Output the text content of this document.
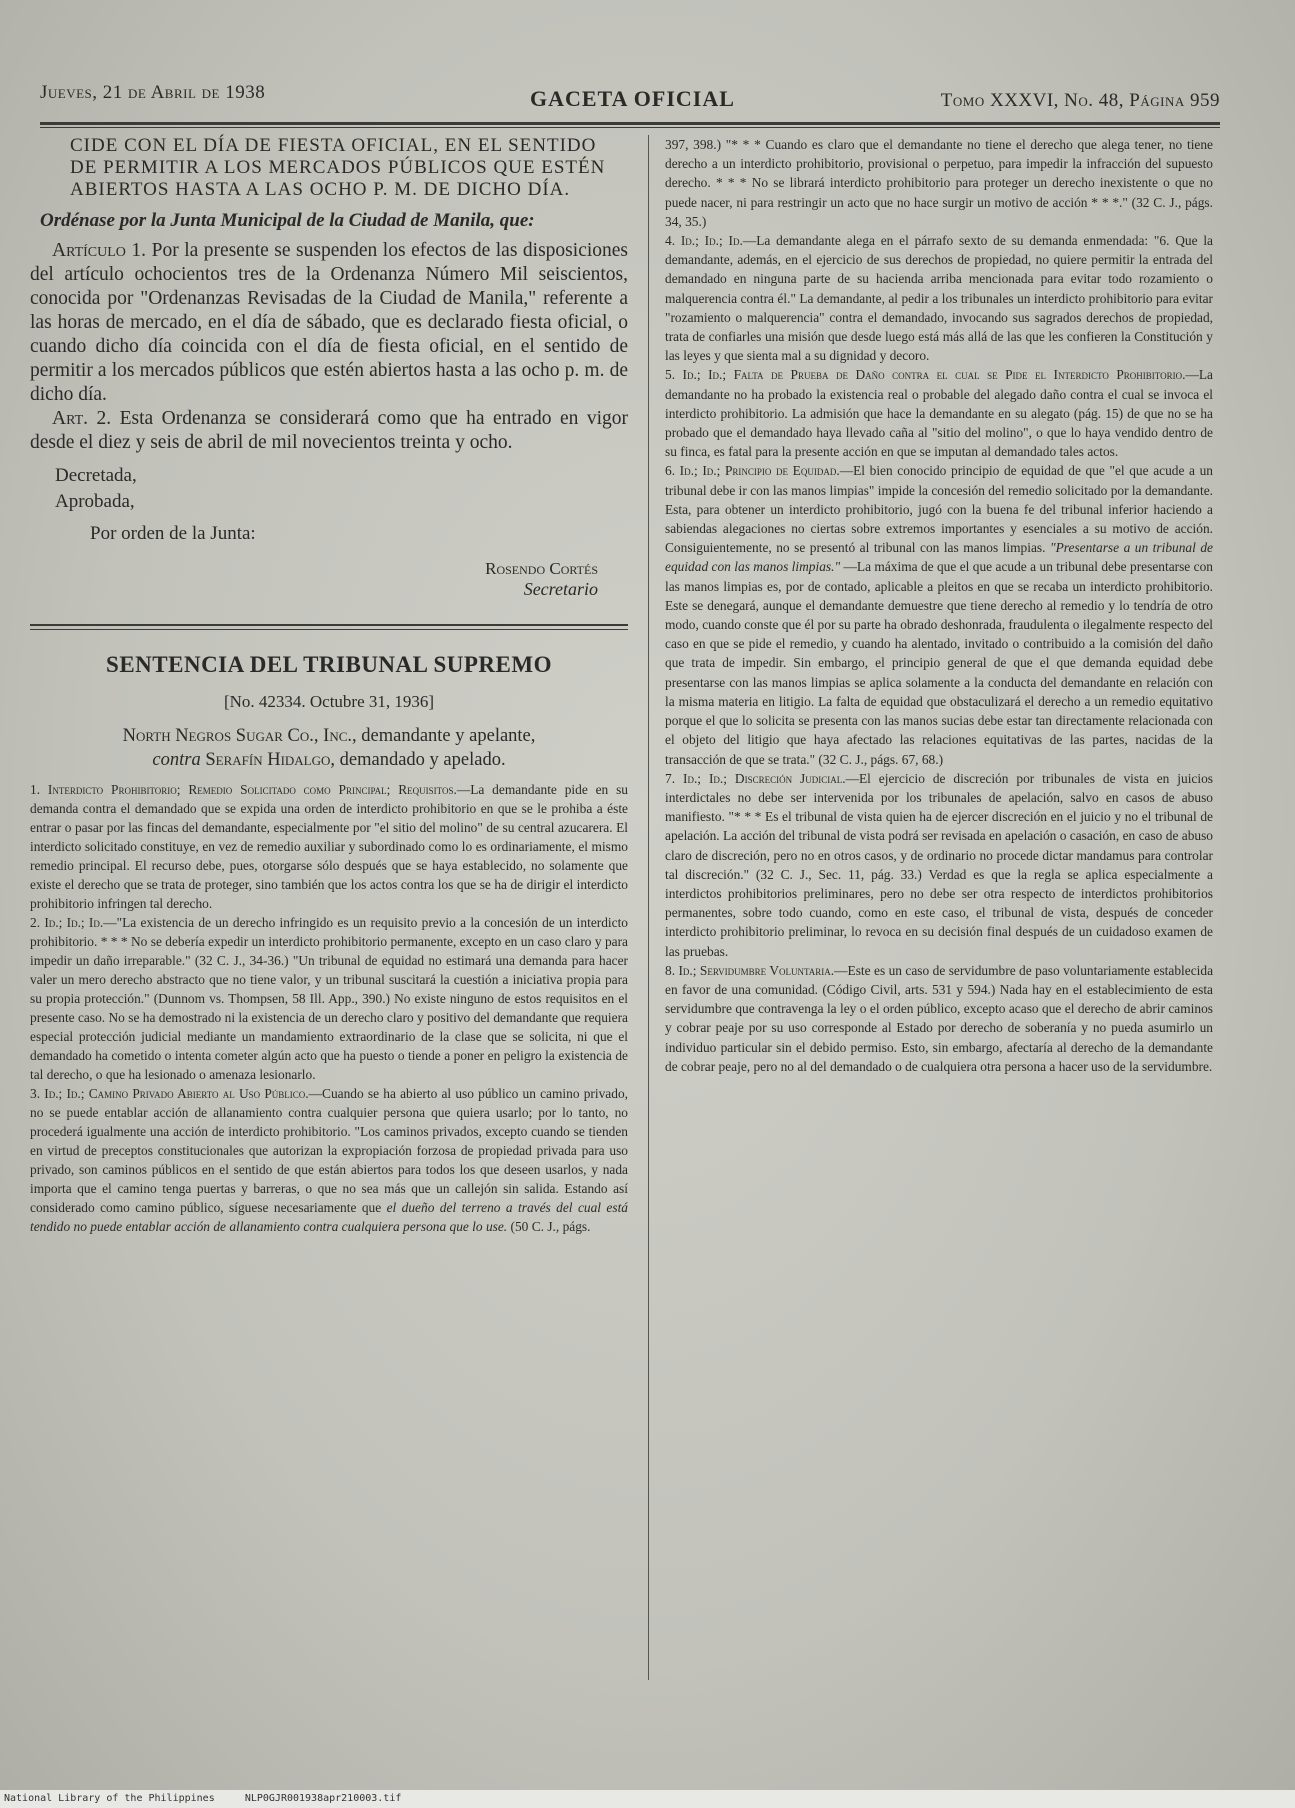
Jueves, 21 de Abril de 1938	GACETA OFICIAL	Tomo XXXVI, No. 48, Página 959

CIDE CON EL DÍA DE FIESTA OFICIAL, EN EL SENTIDO DE PERMITIR A LOS MERCADOS PÚBLICOS QUE ESTÉN ABIERTOS HASTA A LAS OCHO P. M. DE DICHO DÍA.

Ordénase por la Junta Municipal de la Ciudad de Manila, que:

Artículo 1. Por la presente se suspenden los efectos de las disposiciones del artículo ochocientos tres de la Ordenanza Número Mil seiscientos, conocida por "Ordenanzas Revisadas de la Ciudad de Manila," referente a las horas de mercado, en el día de sábado, que es declarado fiesta oficial, o cuando dicho día coincida con el día de fiesta oficial, en el sentido de permitir a los mercados públicos que estén abiertos hasta a las ocho p. m. de dicho día.

Art. 2. Esta Ordenanza se considerará como que ha entrado en vigor desde el diez y seis de abril de mil novecientos treinta y ocho.

Decretada,

Aprobada,

Por orden de la Junta:

Rosendo Cortés

Secretario

SENTENCIA DEL TRIBUNAL SUPREMO

[No. 42334. Octubre 31, 1936]

North Negros Sugar Co., Inc., demandante y apelante,
contra Serafín Hidalgo, demandado y apelado.

1. Interdicto Prohibitorio; Remedio Solicitado como Principal; Requisitos.—La demandante pide en su demanda contra el demandado que se expida una orden de interdicto prohibitorio en que se le prohiba a éste entrar o pasar por las fincas del demandante, especialmente por "el sitio del molino" de su central azucarera. El interdicto solicitado constituye, en vez de remedio auxiliar y subordinado como lo es ordinariamente, el mismo remedio principal. El recurso debe, pues, otorgarse sólo después que se haya establecido, no solamente que existe el derecho que se trata de proteger, sino también que los actos contra los que se ha de dirigir el interdicto prohibitorio infringen tal derecho.

2. Id.; Id.; Id.—"La existencia de un derecho infringido es un requisito previo a la concesión de un interdicto prohibitorio. * * * No se debería expedir un interdicto prohibitorio permanente, excepto en un caso claro y para impedir un daño irreparable." (32 C. J., 34-36.) "Un tribunal de equidad no estimará una demanda para hacer valer un mero derecho abstracto que no tiene valor, y un tribunal suscitará la cuestión a iniciativa propia para su propia protección." (Dunnom vs. Thompsen, 58 Ill. App., 390.) No existe ninguno de estos requisitos en el presente caso. No se ha demostrado ni la existencia de un derecho claro y positivo del demandante que requiera especial protección judicial mediante un mandamiento extraordinario de la clase que se solicita, ni que el demandado ha cometido o intenta cometer algún acto que ha puesto o tiende a poner en peligro la existencia de tal derecho, o que ha lesionado o amenaza lesionarlo.

3. Id.; Id.; Camino Privado Abierto al Uso Público.—Cuando se ha abierto al uso público un camino privado, no se puede entablar acción de allanamiento contra cualquier persona que quiera usarlo; por lo tanto, no procederá igualmente una acción de interdicto prohibitorio. "Los caminos privados, excepto cuando se tienden en virtud de preceptos constitucionales que autorizan la expropiación forzosa de propiedad privada para uso privado, son caminos públicos en el sentido de que están abiertos para todos los que deseen usarlos, y nada importa que el camino tenga puertas y barreras, o que no sea más que un callejón sin salida. Estando así considerado como camino público, síguese necesariamente que el dueño del terreno a través del cual está tendido no puede entablar acción de allanamiento contra cualquiera persona que lo use. (50 C. J., págs.

397, 398.) "* * * Cuando es claro que el demandante no tiene el derecho que alega tener, no tiene derecho a un interdicto prohibitorio, provisional o perpetuo, para impedir la infracción del supuesto derecho. * * * No se librará interdicto prohibitorio para proteger un derecho inexistente o que no puede nacer, ni para restringir un acto que no hace surgir un motivo de acción * * *." (32 C. J., págs. 34, 35.)

4. Id.; Id.; Id.—La demandante alega en el párrafo sexto de su demanda enmendada: "6. Que la demandante, además, en el ejercicio de sus derechos de propiedad, no quiere permitir la entrada del demandado en ninguna parte de su hacienda arriba mencionada para evitar todo rozamiento o malquerencia contra él." La demandante, al pedir a los tribunales un interdicto prohibitorio para evitar "rozamiento o malquerencia" contra el demandado, invocando sus sagrados derechos de propiedad, trata de confiarles una misión que desde luego está más allá de las que les confieren la Constitución y las leyes y que sienta mal a su dignidad y decoro.

5. Id.; Id.; Falta de Prueba de Daño contra el cual se Pide el Interdicto Prohibitorio.—La demandante no ha probado la existencia real o probable del alegado daño contra el cual se invoca el interdicto prohibitorio. La admisión que hace la demandante en su alegato (pág. 15) de que no se ha probado que el demandado haya llevado caña al "sitio del molino", o que lo haya vendido dentro de su finca, es fatal para la presente acción en que se imputan al demandado tales actos.

6. Id.; Id.; Principio de Equidad.—El bien conocido principio de equidad de que "el que acude a un tribunal debe ir con las manos limpias" impide la concesión del remedio solicitado por la demandante. Esta, para obtener un interdicto prohibitorio, jugó con la buena fe del tribunal inferior haciendo a sabiendas alegaciones no ciertas sobre extremos importantes y esenciales a su motivo de acción. Consiguientemente, no se presentó al tribunal con las manos limpias. "Presentarse a un tribunal de equidad con las manos limpias." —La máxima de que el que acude a un tribunal debe presentarse con las manos limpias es, por de contado, aplicable a pleitos en que se recaba un interdicto prohibitorio. Este se denegará, aunque el demandante demuestre que tiene derecho al remedio y lo tendría de otro modo, cuando conste que él por su parte ha obrado deshonrada, fraudulenta o ilegalmente respecto del caso en que se pide el remedio, y cuando ha alentado, invitado o contribuido a la comisión del daño que trata de impedir. Sin embargo, el principio general de que el que demanda equidad debe presentarse con las manos limpias se aplica solamente a la conducta del demandante en relación con la misma materia en litigio. La falta de equidad que obstaculizará el derecho a un remedio equitativo porque el que lo solicita se presenta con las manos sucias debe estar tan directamente relacionada con el objeto del litigio que haya afectado las relaciones equitativas de las partes, nacidas de la transacción de que se trata." (32 C. J., págs. 67, 68.)

7. Id.; Id.; Discreción Judicial.—El ejercicio de discreción por tribunales de vista en juicios interdictales no debe ser intervenida por los tribunales de apelación, salvo en casos de abuso manifiesto. "* * * Es el tribunal de vista quien ha de ejercer discreción en el juicio y no el tribunal de apelación. La acción del tribunal de vista podrá ser revisada en apelación o casación, en caso de abuso claro de discreción, pero no en otros casos, y de ordinario no procede dictar mandamus para controlar tal discreción." (32 C. J., Sec. 11, pág. 33.) Verdad es que la regla se aplica especialmente a interdictos prohibitorios preliminares, pero no debe ser otra respecto de interdictos prohibitorios permanentes, sobre todo cuando, como en este caso, el tribunal de vista, después de conceder interdicto prohibitorio preliminar, lo revoca en su decisión final después de un cuidadoso examen de las pruebas.

8. Id.; Servidumbre Voluntaria.—Este es un caso de servidumbre de paso voluntariamente establecida en favor de una comunidad. (Código Civil, arts. 531 y 594.) Nada hay en el establecimiento de esta servidumbre que contravenga la ley o el orden público, excepto acaso que el derecho de abrir caminos y cobrar peaje por su uso corresponde al Estado por derecho de soberanía y no pueda asumirlo un individuo particular sin el debido permiso. Esto, sin embargo, afectaría al derecho de la demandante de cobrar peaje, pero no al del demandado o de cualquiera otra persona a hacer uso de la servidumbre.

National Library of the Philippines	NLP0GJR001938apr210003.tif
